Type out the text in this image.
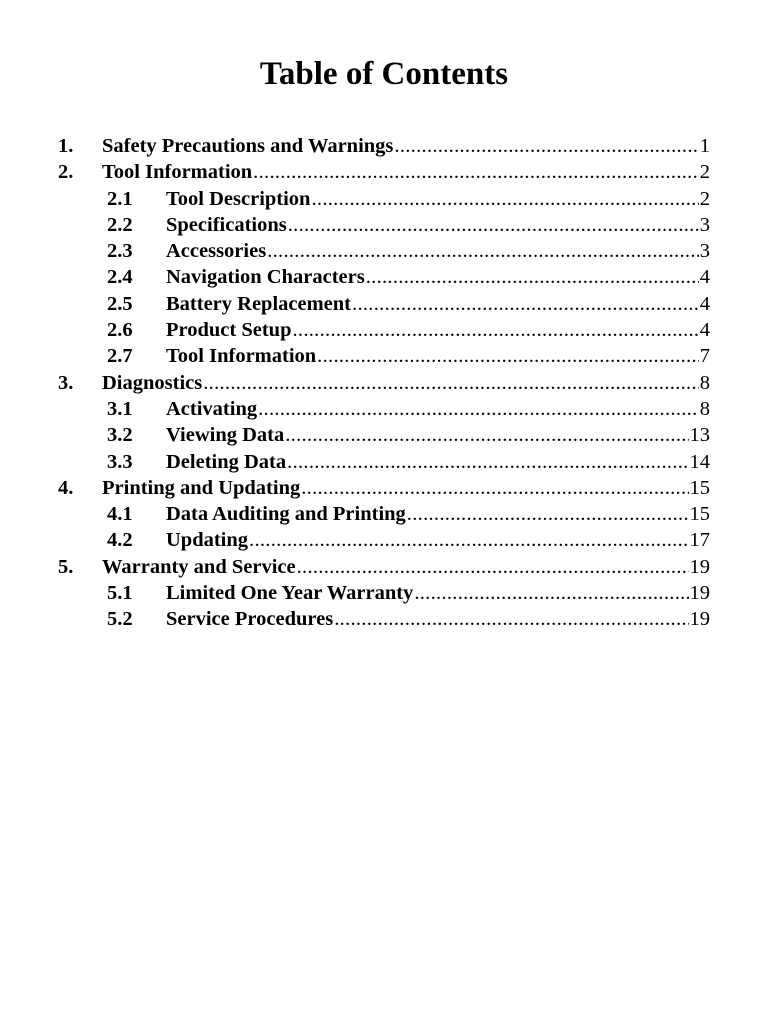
Table of Contents
1. Safety Precautions and Warnings .....	1
2. Tool Information .....	2
2.1 Tool Description .....	2
2.2 Specifications .....	3
2.3 Accessories .....	3
2.4 Navigation Characters .....	4
2.5 Battery Replacement .....	4
2.6 Product Setup .....	4
2.7 Tool Information .....	7
3. Diagnostics .....	8
3.1 Activating .....	8
3.2 Viewing Data .....	13
3.3 Deleting Data .....	14
4. Printing and Updating .....	15
4.1 Data Auditing and Printing .....	15
4.2 Updating .....	17
5. Warranty and Service .....	19
5.1 Limited One Year Warranty .....	19
5.2 Service Procedures .....	19
